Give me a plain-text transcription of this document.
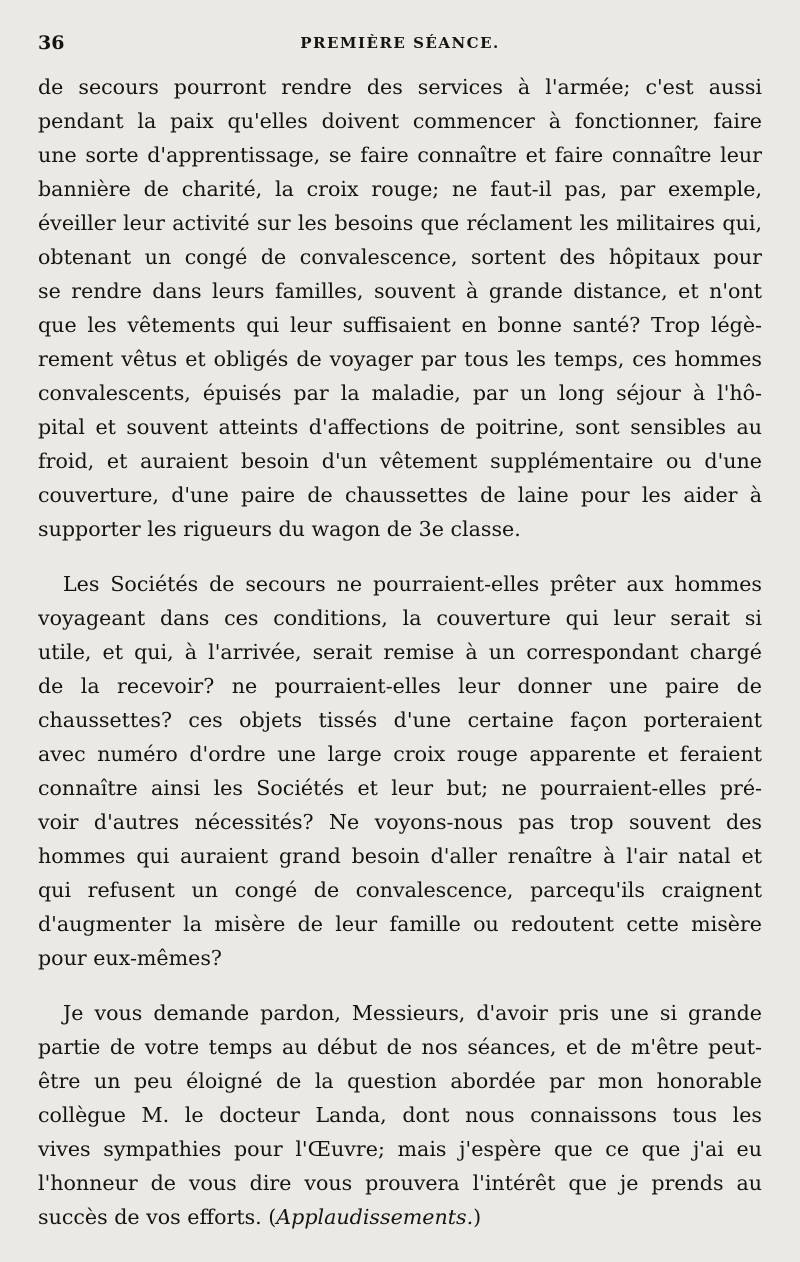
36	PREMIÈRE SÉANCE.
de secours pourront rendre des services à l'armée; c'est aussi
pendant la paix qu'elles doivent commencer à fonctionner, faire
une sorte d'apprentissage, se faire connaître et faire connaître leur
bannière de charité, la croix rouge; ne faut-il pas, par exemple,
éveiller leur activité sur les besoins que réclament les militaires qui,
obtenant un congé de convalescence, sortent des hôpitaux pour
se rendre dans leurs familles, souvent à grande distance, et n'ont
que les vêtements qui leur suffisaient en bonne santé? Trop légè-
rement vêtus et obligés de voyager par tous les temps, ces hommes
convalescents, épuisés par la maladie, par un long séjour à l'hô-
pital et souvent atteints d'affections de poitrine, sont sensibles au
froid, et auraient besoin d'un vêtement supplémentaire ou d'une
couverture, d'une paire de chaussettes de laine pour les aider à
supporter les rigueurs du wagon de 3e classe.
Les Sociétés de secours ne pourraient-elles prêter aux hommes
voyageant dans ces conditions, la couverture qui leur serait si
utile, et qui, à l'arrivée, serait remise à un correspondant chargé
de la recevoir? ne pourraient-elles leur donner une paire de
chaussettes? ces objets tissés d'une certaine façon porteraient
avec numéro d'ordre une large croix rouge apparente et feraient
connaître ainsi les Sociétés et leur but; ne pourraient-elles pré-
voir d'autres nécessités? Ne voyons-nous pas trop souvent des
hommes qui auraient grand besoin d'aller renaître à l'air natal et
qui refusent un congé de convalescence, parcequ'ils craignent
d'augmenter la misère de leur famille ou redoutent cette misère
pour eux-mêmes?
Je vous demande pardon, Messieurs, d'avoir pris une si grande
partie de votre temps au début de nos séances, et de m'être peut-
être un peu éloigné de la question abordée par mon honorable
collègue M. le docteur Landa, dont nous connaissons tous les
vives sympathies pour l'Œuvre; mais j'espère que ce que j'ai eu
l'honneur de vous dire vous prouvera l'intérêt que je prends au
succès de vos efforts. (Applaudissements.)
